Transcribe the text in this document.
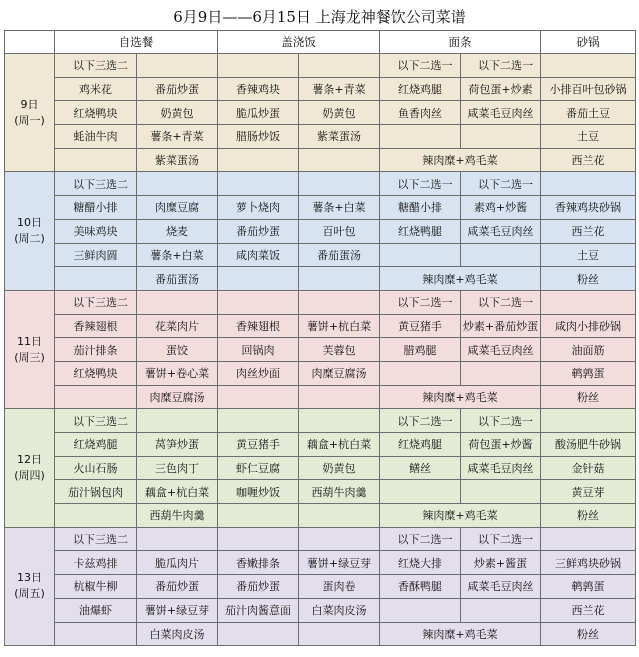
6月9日——6月15日 上海龙神餐饮公司菜谱
	自选餐		盖浇饭		面条		砂锅

9日
(周一)	以下三选二				以下二选一	以下二选一	
	鸡米花	番茄炒蛋	香辣鸡块	薯条+青菜	红烧鸡腿	荷包蛋+炒素	小排百叶包砂锅
	红烧鸭块	奶黄包	脆瓜炒蛋	奶黄包	鱼香肉丝	咸菜毛豆肉丝	番茄土豆
	蚝油牛肉	薯条+青菜	腊肠炒饭	紫菜蛋汤			土豆
		紫菜蛋汤			辣肉糜+鸡毛菜		西兰花

10日
(周二)	以下三选二				以下二选一	以下二选一	
	糖醋小排	肉糜豆腐	萝卜烧肉	薯条+白菜	糖醋小排	素鸡+炒酱	香辣鸡块砂锅
	美味鸡块	烧麦	番茄炒蛋	百叶包	红烧鸭腿	咸菜毛豆肉丝	西兰花
	三鲜肉圆	薯条+白菜	咸肉菜饭	番茄蛋汤			土豆
		番茄蛋汤			辣肉糜+鸡毛菜		粉丝

11日
(周三)	以下三选二				以下二选一	以下二选一	
	香辣翅根	花菜肉片	香辣翅根	薯饼+杭白菜	黄豆猪手	炒素+番茄炒蛋	咸肉小排砂锅
	茄汁排条	蛋饺	回锅肉	芙蓉包	腊鸡腿	咸菜毛豆肉丝	油面筋
	红烧鸭块	薯饼+卷心菜	肉丝炒面	肉糜豆腐汤			鹌鹑蛋
		肉糜豆腐汤			辣肉糜+鸡毛菜		粉丝

12日
(周四)	以下三选二				以下二选一	以下二选一	
	红烧鸡腿	莴笋炒蛋	黄豆猪手	藕盒+杭白菜	红烧鸡腿	荷包蛋+炒酱	酸汤肥牛砂锅
	火山石肠	三色肉丁	虾仁豆腐	奶黄包	鳝丝	咸菜毛豆肉丝	金针菇
	茄汁锅包肉	藕盒+杭白菜	咖喱炒饭	西葫牛肉羹			黄豆芽
		西葫牛肉羹			辣肉糜+鸡毛菜		粉丝

13日
(周五)	以下三选二				以下二选一	以下二选一	
	卡兹鸡排	脆瓜肉片	香嫩排条	薯饼+绿豆芽	红烧大排	炒素+酱蛋	三鲜鸡块砂锅
	杭椒牛柳	番茄炒蛋	番茄炒蛋	蛋肉卷	香酥鸭腿	咸菜毛豆肉丝	鹌鹑蛋
	油爆虾	薯饼+绿豆芽	茄汁肉酱意面	白菜肉皮汤			西兰花
		白菜肉皮汤			辣肉糜+鸡毛菜		粉丝
